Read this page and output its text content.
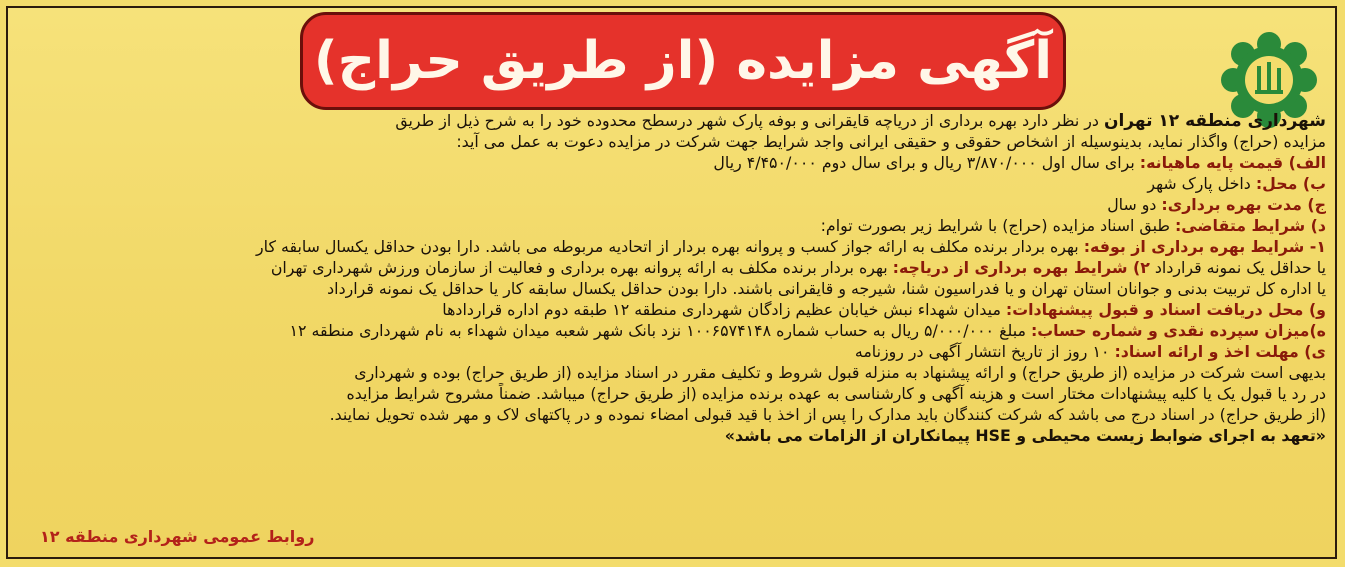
آگهی مزایده (از طریق حراج)
شهرداری منطقه ۱۲ تهران در نظر دارد بهره برداری از دریاچه قایقرانی و بوفه پارک شهر درسطح محدوده خود را به شرح ذیل از طریق
مزایده (حراج) واگذار نماید، بدینوسیله از اشخاص حقوقی و حقیقی ایرانی واجد شرایط جهت شرکت در مزایده دعوت به عمل می آید:
الف) قیمت پایه ماهیانه: برای سال اول ۳/۸۷۰/۰۰۰ ریال و برای سال دوم ۴/۴۵۰/۰۰۰ ریال
ب) محل: داخل پارک شهر
ج) مدت بهره برداری: دو سال
د) شرایط متقاضی: طبق اسناد مزایده (حراج) با شرایط زیر بصورت توام:
۱- شرایط بهره برداری از بوفه: بهره بردار برنده مکلف به ارائه جواز کسب و پروانه بهره بردار از اتحادیه مربوطه می باشد. دارا بودن حداقل یکسال سابقه کار
یا حداقل یک نمونه قرارداد ۲) شرایط بهره برداری از دریاچه: بهره بردار برنده مکلف به ارائه پروانه بهره برداری و فعالیت از سازمان ورزش شهرداری تهران
یا اداره کل تربیت بدنی و جوانان استان تهران و یا فدراسیون شنا، شیرجه و قایقرانی باشند. دارا بودن حداقل یکسال سابقه کار یا حداقل یک نمونه قرارداد
و) محل دریافت اسناد و قبول پیشنهادات: میدان شهداء نبش خیابان عظیم زادگان شهرداری منطقه ۱۲ طبقه دوم اداره قراردادها
ه)میزان سپرده نقدی و شماره حساب: مبلغ ۵/۰۰۰/۰۰۰ ریال به حساب شماره ۱۰۰۶۵۷۴۱۴۸ نزد بانک شهر شعبه میدان شهداء به نام شهرداری منطقه ۱۲
ی) مهلت اخذ و ارائه اسناد: ۱۰ روز از تاریخ انتشار آگهی در روزنامه
بدیهی است شرکت در مزایده (از طریق حراج) و ارائه پیشنهاد به منزله قبول شروط و تکلیف مقرر در اسناد مزایده (از طریق حراج) بوده و شهرداری
در رد یا قبول یک یا کلیه پیشنهادات مختار است و هزینه آگهی و کارشناسی به عهده برنده مزایده (از طریق حراج) میباشد. ضمناً مشروح شرایط مزایده
(از طریق حراج) در اسناد درج می باشد که شرکت کنندگان باید مدارک را پس از اخذ با قید قبولی امضاء نموده و در پاکتهای لاک و مهر شده تحویل نمایند.
«تعهد به اجرای ضوابط زیست محیطی و HSE پیمانکاران از الزامات می باشد»
روابط عمومی شهرداری منطقه ۱۲
